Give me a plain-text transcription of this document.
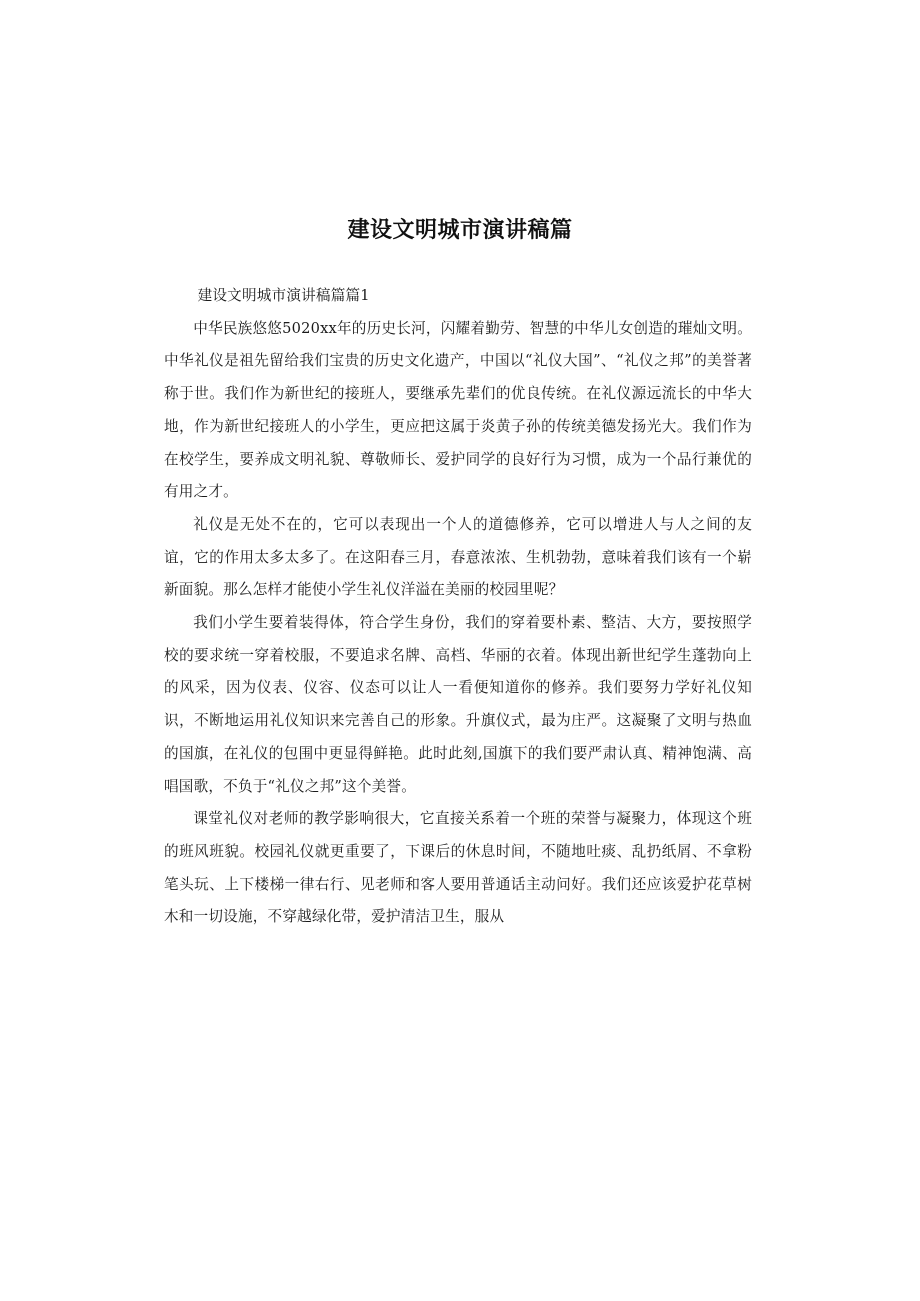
建设文明城市演讲稿篇

建设文明城市演讲稿篇篇1

中华民族悠悠5020xx年的历史长河，闪耀着勤劳、智慧的中华儿女创造的璀灿文明。中华礼仪是祖先留给我们宝贵的历史文化遗产，中国以“礼仪大国”、“礼仪之邦”的美誉著称于世。我们作为新世纪的接班人，要继承先辈们的优良传统。在礼仪源远流长的中华大地，作为新世纪接班人的小学生，更应把这属于炎黄子孙的传统美德发扬光大。我们作为在校学生，要养成文明礼貌、尊敬师长、爱护同学的良好行为习惯，成为一个品行兼优的有用之才。

礼仪是无处不在的，它可以表现出一个人的道德修养，它可以增进人与人之间的友谊，它的作用太多太多了。在这阳春三月，春意浓浓、生机勃勃，意味着我们该有一个崭新面貌。那么怎样才能使小学生礼仪洋溢在美丽的校园里呢？

我们小学生要着装得体，符合学生身份，我们的穿着要朴素、整洁、大方，要按照学校的要求统一穿着校服，不要追求名牌、高档、华丽的衣着。体现出新世纪学生蓬勃向上的风采，因为仪表、仪容、仪态可以让人一看便知道你的修养。我们要努力学好礼仪知识，不断地运用礼仪知识来完善自己的形象。升旗仪式，最为庄严。这凝聚了文明与热血的国旗，在礼仪的包围中更显得鲜艳。此时此刻,国旗下的我们要严肃认真、精神饱满、高唱国歌，不负于“礼仪之邦”这个美誉。

课堂礼仪对老师的教学影响很大，它直接关系着一个班的荣誉与凝聚力，体现这个班的班风班貌。校园礼仪就更重要了，下课后的休息时间，不随地吐痰、乱扔纸屑、不拿粉笔头玩、上下楼梯一律右行、见老师和客人要用普通话主动问好。我们还应该爱护花草树木和一切设施，不穿越绿化带，爱护清洁卫生，服从
